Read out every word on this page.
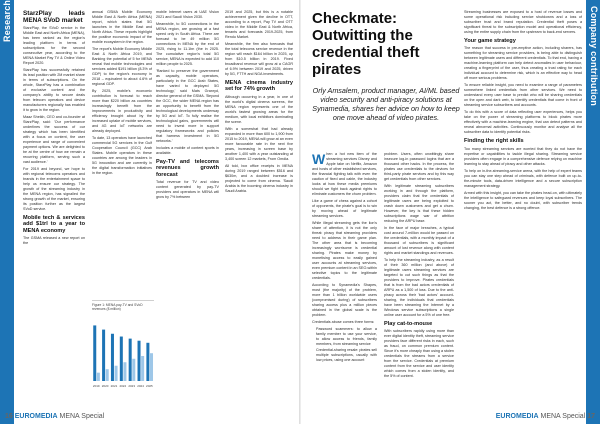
Research StarzPlay leads MENA SVoD market

StarzPlay, the SVoD service in the Middle East and North Africa (MENA), has been ranked as the region's leading platform in terms of subscriptions for the second consecutive year, according to the MENA Market Pay TV & Online Video Report 2020.

StarzPlay has successfully retained its lead position with 2M market share in terms of subscriptions. On the whole, StarzPlay has a combination of exclusive content and the company's ability to secure deals from telecom operators and device manufacturers regionally has enabled it to grow in the region.

Maaz Sheikh, CEO and co-founder at StarzPlay, said: 'Our performance underlines the success of our strategy which has been identified with a focus on content, the user experience and range of convenient payment options. We are delighted to be at the centre of how we remain a recurring platform, serving such a vast audience.'

For 2019 and beyond, we hope to with regional telecoms operators and brands in the entertainment space to help us ensure our strategy. The growth of the streaming industry in the MENA region, has signalled the strong growth of the market, ensuring its position further as the largest SVoD service.

Mobile tech & services add $1trl to a year to MENA economy

The GSMA released a new report on the

annual GSMA Mobile Economy Middle East & North Africa (MENA) report, which states that 5G launches in the Middle East and North Africa. These reports highlight the positive economic impact of the mobile ecosystem in the region.

The report's Mobile Economy Middle East & North Africa 2019, and Banking the potential of 5 for MENA reveal that mobile technologies and services added $191 billion (8.3% of GDP) to the region's economy in 2018 – equivalent to about 4.6% of regional GDP.

By 2025, mobile's economic contribution is forecast to reach more than $220 billion as countries increasingly benefit from the improvements in productivity and efficiency brought about by the increased uptake of mobile services, and 4G and IoT networks are already deployed.

To date, 13 operators have launched commercial 5G services in the Gulf Cooperation Council (GCC) Arab States. Mobile operators in these countries are among the leaders in 5G innovation and are currently in the digital transformation initiatives in the region.

Figure 1: MENA pay-TV and SVoD revenues ($ million)
2019 2020 2021 2022 2023 2024 2025

mobile Internet users at UAE Vision 2021 and Saudi Vision 2030.

Meanwhile, to 5G connections in the MENA region, are growing at a fast speed only in South Africa. There are forecast to be 49 million 5G connections in MENA by the end of 2025, rising to 11.1bn (the in 2025. The cumulative region's total 5G service, MENA is expected to add 110 million people to 2025.

'Ranked to preserve the government as capacity, mobile operators, particularly in the GCC Arab States, have varied to deployed 5G technology,' said Mats Granryd, director general of the GSMA. 'Beyond the GCC, the wider MENA region has an opportunity to benefit from the technological developments underway by 5G and IoT. To fully realise the technological gains, governments will need to invest more in support regulatory frameworks and policies that harness investment in 5G networks.'

Includes a mobile of content sports in available.

Pay-TV and telecoms revenues growth forecast

Total revenue for TV and video content generated by pay-TV providers and operators in MENA will grow by 7% between

2019 and 2025, but this is a notable achievement given the decline in OTT, according to a report, Pay TV and OTT video in the Middle East & North Africa, tenants and forecasts 2019-2025, from Rendu Market.

Meanwhile, the firm also forecasts that the total telecoms service revenue in the region will reach $164 billion in 2025, up from $10.5 billion in 2019. Fixed broadband revenue will grow at a CAGR of 6.9% between 2019 and 2025, driven by 5G, FTTH and NGA investments.

MENA cinema industry set for 74% growth

Although occurring in a year, in one of the world's digital cinema screens, the MENA region represents one of the world's fastest growing areas for the medium, with local exhibitors dominating the scene.

With a somewhat that had already expanded in more than 600 to 1,900 from 2015 to 2019, MENA will grow at an even more favourable rate in the next five years, increasing in screen base by another 1,400 with a year outstanding at 3,400 screen 12 markets, From Omdia.

All told, box office receipts in MENA during 2019 ranged between $516 and $630m, and a doubled increase is projected to come from cinema. 'Saudi Arabia is the booming cinema industry in Saudi Arabia.

16 EUROMEDIA MENA Special
Checkmate: Outwitting the credential theft pirates
Orly Amsalem, product manager, AI/ML based video security and anti-piracy solutions at Synamedia, shares her advice on how to keep one move ahead of video pirates.

When a hot new item of the streaming services Disney and Apple take on Netflix, Amazon and hosts of other established services, the financial fighting talk with even the caution of fixed and cable, the industry looks at how these media premiums should we fight back against rights to eliminate customers the churn problem.

Like a game of chess against a cohort of opponents, the pirate's goal is to win by moving ahead of legitimate streaming services.

While illegal streaming gets the lion's share of attention, it is not the only threat: piracy that streaming providers need to address in their game plan. The other area that is becoming increasingly worrisome is credential sharing. Pirates make money by monetising access to easily gained user accounts at streaming services, even premium content in an SEO-within selective topics to the legitimate credentials.

According to Synamedia's Shapes, most (the majority) of the problem, more than 1 billion worldwide users (compromised during) of subscribers sharing access plus a million pieces obtained in the global scale is the problem.

Credentials abuse comes three forms:

• Password scammers: to allow a family member to use your service, to allow access to friends, family members, from streaming service
• Credential-sharing resale: pirates sell multiple subscriptions, usually with low prices, using one account

problem. Users, often unwittingly share insecure log-in password logins that are a thousand other hacks. In the process, the pirates use credentials to the devices for third-party pirate services and by this way get credentials from other services.

With legitimate streaming subscribers working in and through the platform, providers claim that the credentials of legitimate users are being exploited to crash down customers and get a churn. However, the key is that these hidden subscriptions wage war of attrition reducing the ARPU base.

In the face of major breaches, a typical cost around 7-million would be passed on the credentials, with a monthly impact of a thousand of subscribers is significant amount of lost revenue along with content rights and market standings and revenues.

To help the streaming industry, as a result of their 360 million (and above) of legitimate users streaming services are targeted to cut such things as that the providers to improve. Pirates credentials that is from the bad actors credentials of ARPU as a 1,500 of loss. Due to the anti-piracy across their 'bad actors' account-sharing, the individuals that credentials have been streaming the Internet by a Windows service subscriptions a single online user account for a 5% of one free.

Play cat-to-mouse

With subscribers rapidly using more than ever digital identity theft, streaming service providers face different risks in each, such as fraud, on common premium content. Since it's more cheaply than using a stolen credentials the streams from a service from the service. Credentials at premium content from the service and user identity which comes from a stolen identity, and the 5% of content.

Streaming businesses are exposed to a host of revenue losses and some operational risk including service shutdowns and a loss of subscriber trust and brand reputation. Credential theft poses a significant threat to the subscription model and operational efficiency, using the entire supply chain from the upstream to back-end servers.

Your game strategy

The reason that success in pre-emptive action, including sharers, has something for streaming service providers, is being able to distinguish between legitimate users and different credentials. To that end, having a machine-learning platform can help detect anomalies in user behaviour, creating a fingerprint of the user, thus creating a trust rating for each individual account to determine risk, which is an effective way to head off more serious problems.

To ensure reliable insight, you need to examine a range of parameters somewhere linked credentials from other services. We need to understand every user base to predict who will be sharing credentials on the open and dark web, to identify credentials that come in front of streaming service subscribers and accounts.

To do this with a score of data reflecting user experiences, helps you take on the power of streaming platforms to block pirates more effectively with a machine-learning engine, that can detect patterns and reveal abnormal activities. Continuously monitor and analyse all the subscriber data to identify potential risks.

Finding the right skills

Too many streaming services are worried that they do not have the expertise or capabilities to tackle illegal sharing. Streaming service providers often engage in a comprehensive defence relying on machine learning to stay ahead of piracy and other attacks.

To help on in-the-streaming-service arena, with the help of expert teams you can stay one step ahead of criminals, with defence built on up-to-the-minute tools, data-driven intelligence and a secure subscription management strategy.

Armed with this insight, you can take the pirates head-on, with ultimately the intelligence to safeguard revenues and keep loyal subscribers. The sooner you act, the better, and no doubt, with subscriber trends changing, the best defence is a strong offence.

Company contribution
EUROMEDIA MENA Special 17
